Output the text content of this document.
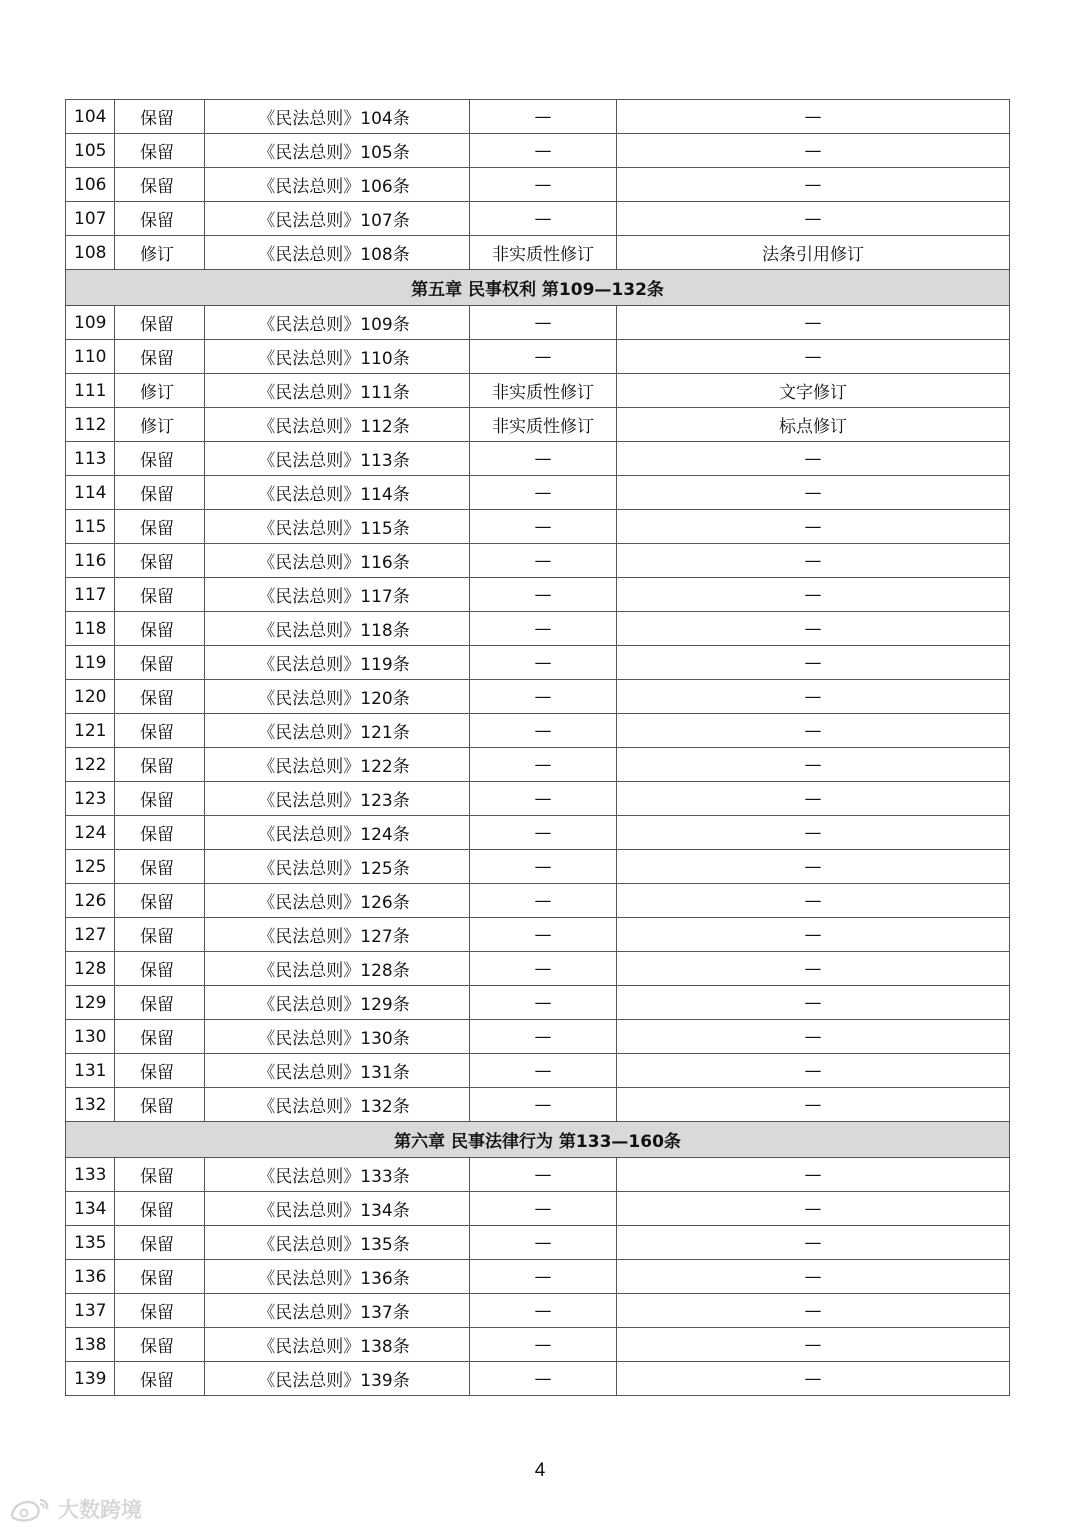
104	保留	《民法总则》104条	—	—
105	保留	《民法总则》105条	—	—
106	保留	《民法总则》106条	—	—
107	保留	《民法总则》107条	—	—
108	修订	《民法总则》108条	非实质性修订	法条引用修订
第五章 民事权利 第109—132条				
109	保留	《民法总则》109条	—	—
110	保留	《民法总则》110条	—	—
111	修订	《民法总则》111条	非实质性修订	文字修订
112	修订	《民法总则》112条	非实质性修订	标点修订
113	保留	《民法总则》113条	—	—
114	保留	《民法总则》114条	—	—
115	保留	《民法总则》115条	—	—
116	保留	《民法总则》116条	—	—
117	保留	《民法总则》117条	—	—
118	保留	《民法总则》118条	—	—
119	保留	《民法总则》119条	—	—
120	保留	《民法总则》120条	—	—
121	保留	《民法总则》121条	—	—
122	保留	《民法总则》122条	—	—
123	保留	《民法总则》123条	—	—
124	保留	《民法总则》124条	—	—
125	保留	《民法总则》125条	—	—
126	保留	《民法总则》126条	—	—
127	保留	《民法总则》127条	—	—
128	保留	《民法总则》128条	—	—
129	保留	《民法总则》129条	—	—
130	保留	《民法总则》130条	—	—
131	保留	《民法总则》131条	—	—
132	保留	《民法总则》132条	—	—
第六章 民事法律行为 第133—160条				
133	保留	《民法总则》133条	—	—
134	保留	《民法总则》134条	—	—
135	保留	《民法总则》135条	—	—
136	保留	《民法总则》136条	—	—
137	保留	《民法总则》137条	—	—
138	保留	《民法总则》138条	—	—
139	保留	《民法总则》139条	—	—
4
大数跨境
